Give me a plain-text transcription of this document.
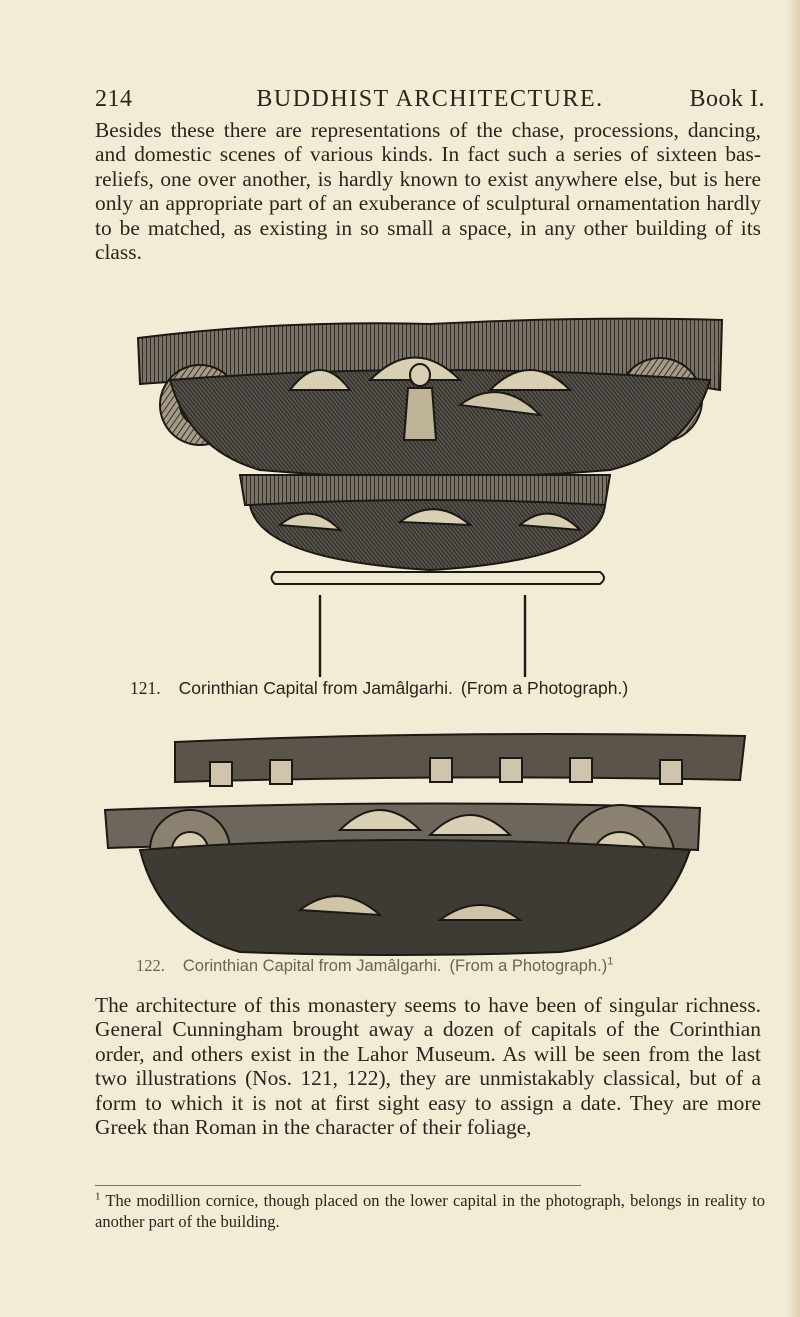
214	BUDDHIST ARCHITECTURE.	Book I.

Besides these there are representations of the chase, processions, dancing, and domestic scenes of various kinds. In fact such a series of sixteen bas-reliefs, one over another, is hardly known to exist anywhere else, but is here only an appropriate part of an exuberance of sculptural ornamentation hardly to be matched, as existing in so small a space, in any other building of its class.

121. Corinthian Capital from Jamâlgarhi. (From a Photograph.)
122. Corinthian Capital from Jamâlgarhi. (From a Photograph.)$^1$

The architecture of this monastery seems to have been of singular richness. General Cunningham brought away a dozen of capitals of the Corinthian order, and others exist in the Lahor Museum. As will be seen from the last two illustrations (Nos. 121, 122), they are unmistakably classical, but of a form to which it is not at first sight easy to assign a date. They are more Greek than Roman in the character of their foliage,

$^1$ The modillion cornice, though placed on the lower capital in the photograph, belongs in reality to another part of the building.
